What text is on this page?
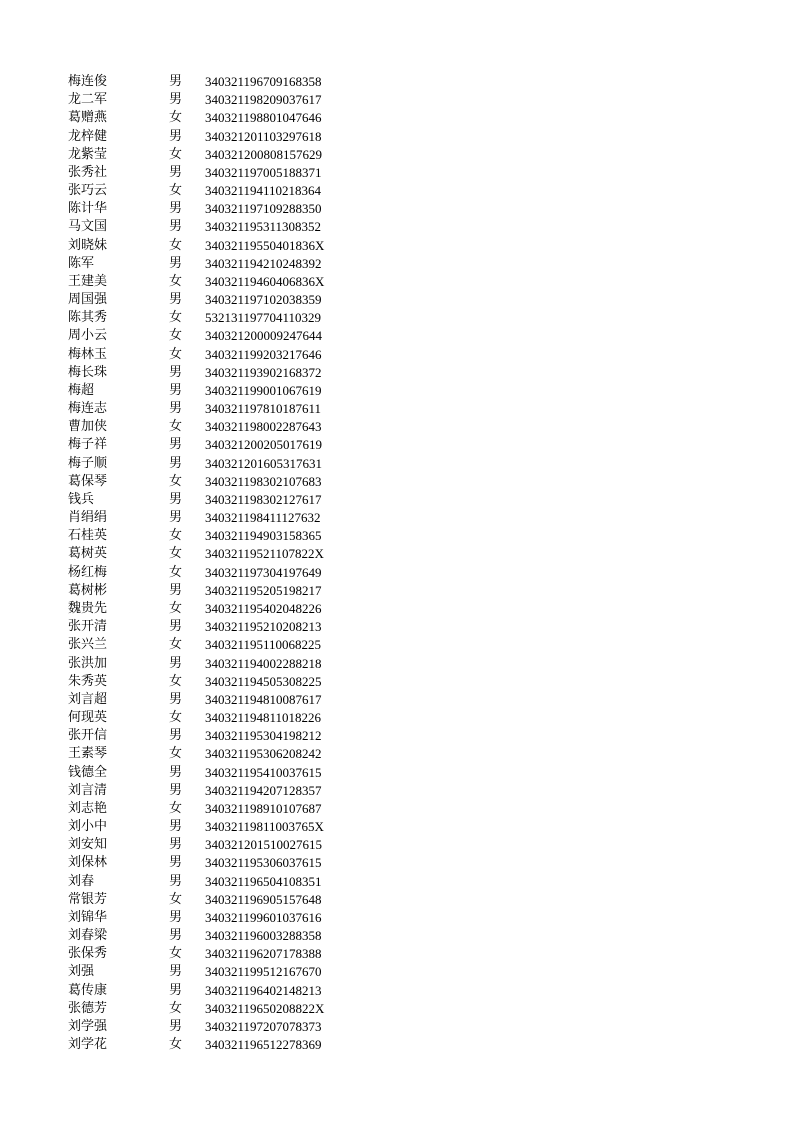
梅连俊	男 340321196709168358
龙二军	男 340321198209037617
葛赠燕	女 340321198801047646
龙梓健	男 340321201103297618
龙紫莹	女 340321200808157629
张秀社	男 340321197005188371
张巧云	女 340321194110218364
陈计华	男 340321197109288350
马文国	男 340321195311308352
刘晓妹	女 34032119550401836X
陈军	男 340321194210248392
王建美	女 34032119460406836X
周国强	男 340321197102038359
陈其秀	女 532131197704110329
周小云	女 340321200009247644
梅林玉	女 340321199203217646
梅长珠	男 340321193902168372
梅超	男 340321199001067619
梅连志	男 340321197810187611
曹加侠	女 340321198002287643
梅子祥	男 340321200205017619
梅子顺	男 340321201605317631
葛保琴	女 340321198302107683
钱兵	男 340321198302127617
肖绢绢	男 340321198411127632
石桂英	女 340321194903158365
葛树英	女 34032119521107822X
杨红梅	女 340321197304197649
葛树彬	男 340321195205198217
魏贵先	女 340321195402048226
张开清	男 340321195210208213
张兴兰	女 340321195110068225
张洪加	男 340321194002288218
朱秀英	女 340321194505308225
刘言超	男 340321194810087617
何现英	女 340321194811018226
张开信	男 340321195304198212
王素琴	女 340321195306208242
钱德全	男 340321195410037615
刘言清	男 340321194207128357
刘志艳	女 340321198910107687
刘小中	男 34032119811003765X
刘安知	男 340321201510027615
刘保林	男 340321195306037615
刘春	男 340321196504108351
常银芳	女 340321196905157648
刘锦华	男 340321199601037616
刘春梁	男 340321196003288358
张保秀	女 340321196207178388
刘强	男 340321199512167670
葛传康	男 340321196402148213
张德芳	女 34032119650208822X
刘学强	男 340321197207078373
刘学花	女 340321196512278369
